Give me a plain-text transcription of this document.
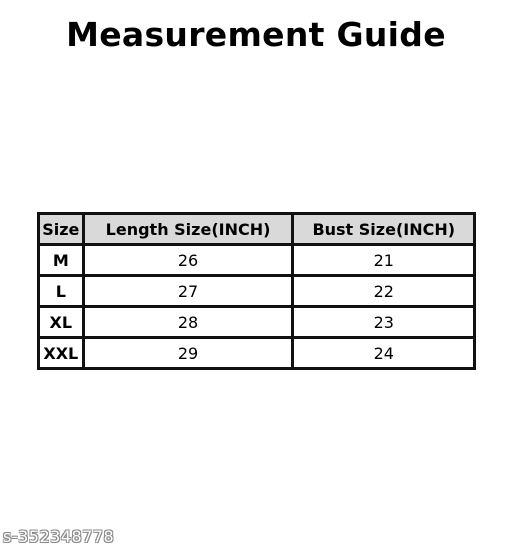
Measurement Guide
Size	Length Size(INCH)	Bust Size(INCH)
M	26	21
L	27	22
XL	28	23
XXL	29	24
s-352348778
